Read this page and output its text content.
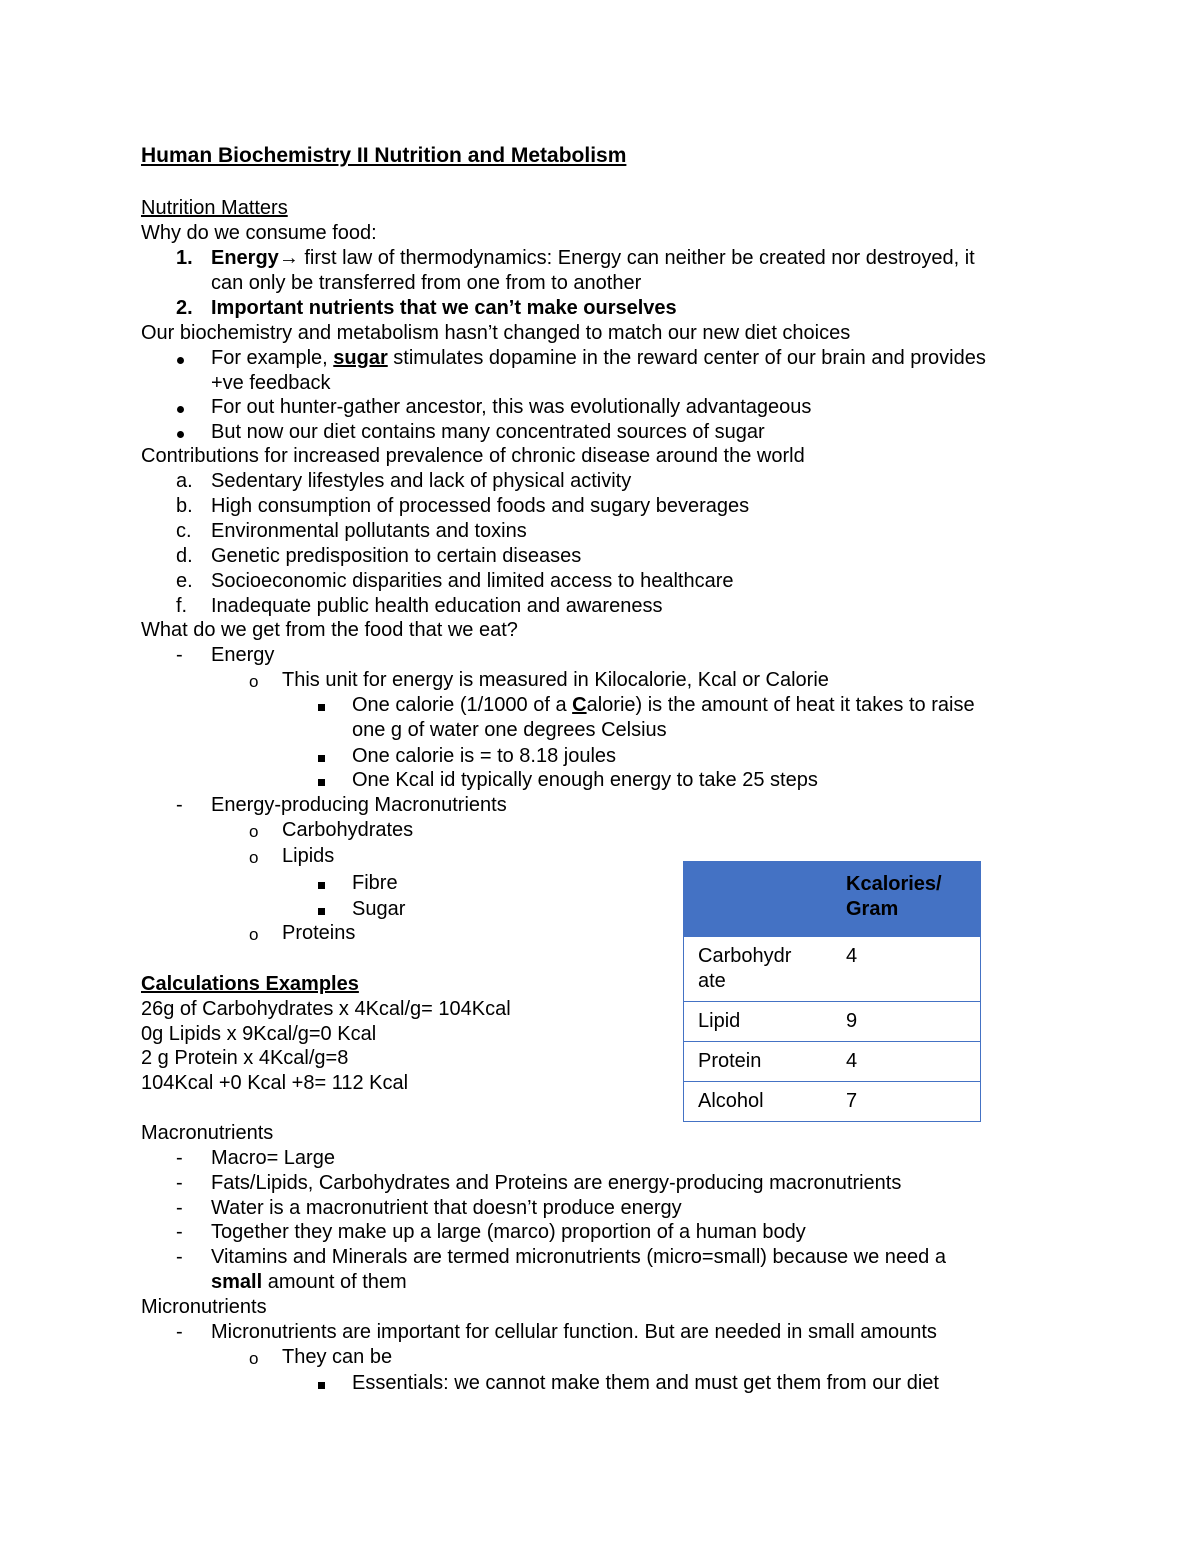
Human Biochemistry II Nutrition and Metabolism
Nutrition Matters
Why do we consume food:
1. Energy→ first law of thermodynamics: Energy can neither be created nor destroyed, it
can only be transferred from one from to another
2. Important nutrients that we can’t make ourselves
Our biochemistry and metabolism hasn’t changed to match our new diet choices
For example, sugar stimulates dopamine in the reward center of our brain and provides
+ve feedback
For out hunter-gather ancestor, this was evolutionally advantageous
But now our diet contains many concentrated sources of sugar
Contributions for increased prevalence of chronic disease around the world
a. Sedentary lifestyles and lack of physical activity
b. High consumption of processed foods and sugary beverages
c. Environmental pollutants and toxins
d. Genetic predisposition to certain diseases
e. Socioeconomic disparities and limited access to healthcare
f. Inadequate public health education and awareness
What do we get from the food that we eat?
- Energy
o This unit for energy is measured in Kilocalorie, Kcal or Calorie
One calorie (1/1000 of a Calorie) is the amount of heat it takes to raise
one g of water one degrees Celsius
One calorie is = to 8.18 joules
One Kcal id typically enough energy to take 25 steps
- Energy-producing Macronutrients
o Carbohydrates
o Lipids
Fibre
Sugar
o Proteins
Calculations Examples
26g of Carbohydrates x 4Kcal/g= 104Kcal
0g Lipids x 9Kcal/g=0 Kcal
2 g Protein x 4Kcal/g=8
104Kcal +0 Kcal +8= 112 Kcal

	Kcalories/
Gram

Carbohydr
ate	4
Lipid	9
Protein	4
Alcohol	7
Macronutrients
- Macro= Large
- Fats/Lipids, Carbohydrates and Proteins are energy-producing macronutrients
- Water is a macronutrient that doesn’t produce energy
- Together they make up a large (marco) proportion of a human body
- Vitamins and Minerals are termed micronutrients (micro=small) because we need a
small amount of them
Micronutrients
- Micronutrients are important for cellular function. But are needed in small amounts
o They can be
Essentials: we cannot make them and must get them from our diet
